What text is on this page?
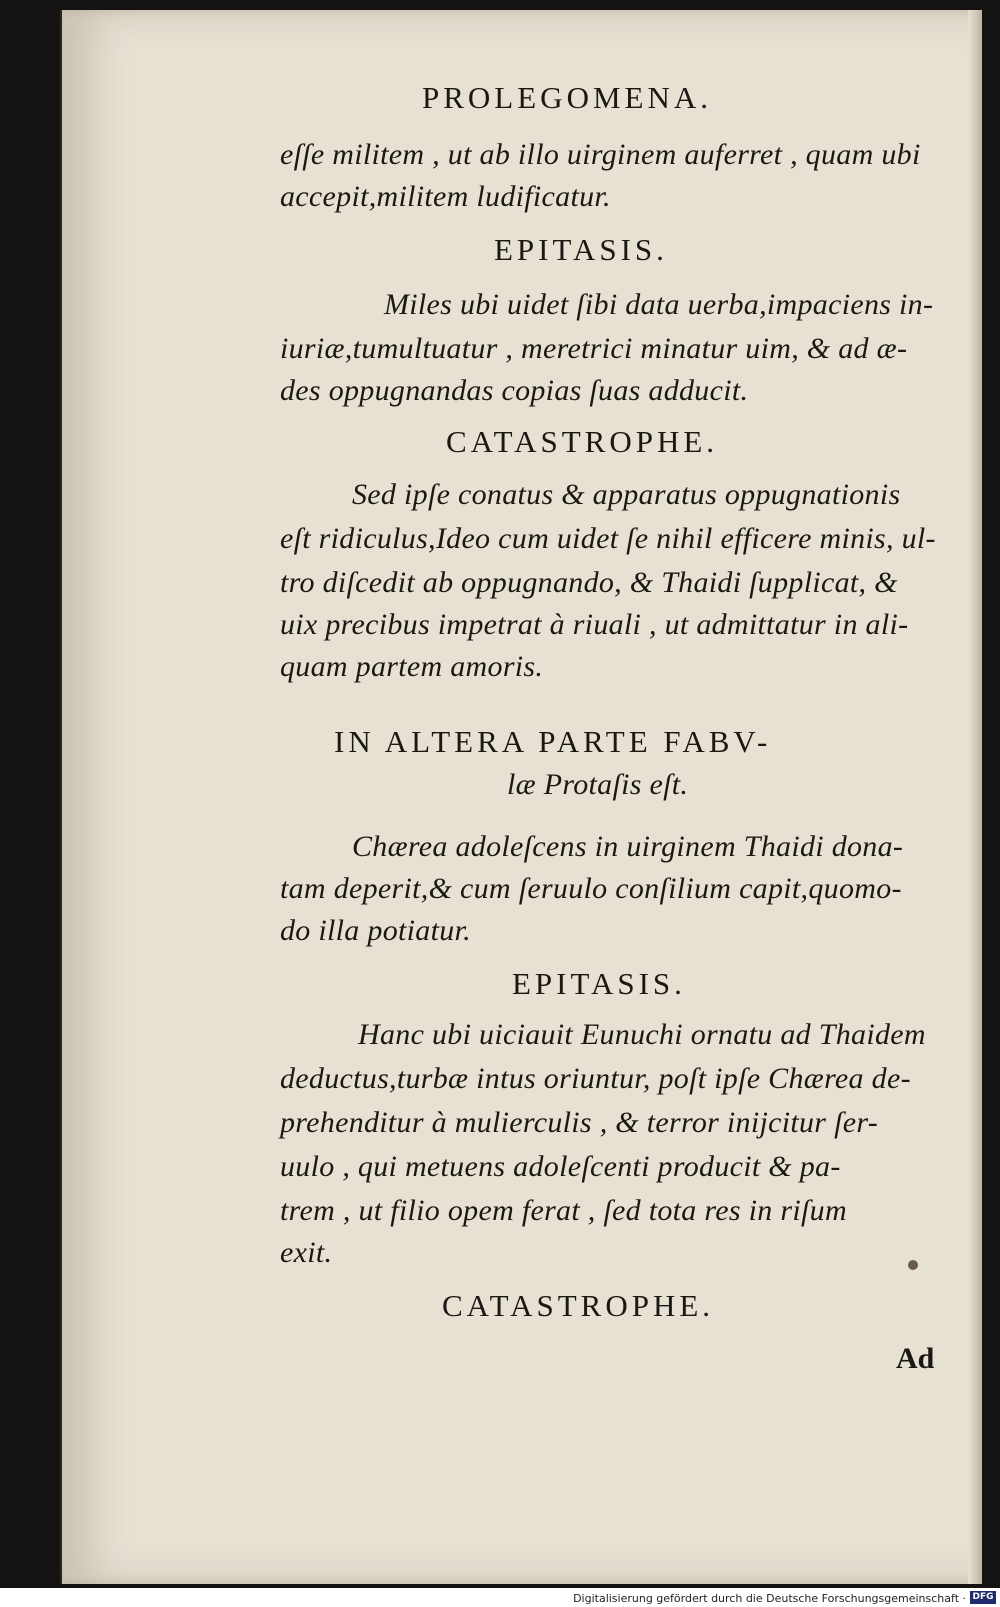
PROLEGOMENA.

eſſe militem , ut ab illo uirginem auferret , quam ubi

accepit,militem ludificatur.

EPITASIS.

Miles ubi uidet ſibi data uerba,impaciens in-

iuriæ,tumultuatur , meretrici minatur uim, & ad æ-

des oppugnandas copias ſuas adducit.

CATASTROPHE.

Sed ipſe conatus & apparatus oppugnationis

eſt ridiculus,Ideo cum uidet ſe nihil efficere minis, ul-

tro diſcedit ab oppugnando, & Thaidi ſupplicat, &

uix precibus impetrat à riuali , ut admittatur in ali-

quam partem amoris.

IN ALTERA PARTE FABV-

læ Protaſis eſt.

Chærea adoleſcens in uirginem Thaidi dona-

tam deperit,& cum ſeruulo conſilium capit,quomo-

do illa potiatur.

EPITASIS.

Hanc ubi uiciauit Eunuchi ornatu ad Thaidem

deductus,turbæ intus oriuntur, poſt ipſe Chærea de-

prehenditur à mulierculis , & terror inijcitur ſer-

uulo , qui metuens adoleſcenti producit & pa-

trem , ut filio opem ferat , ſed tota res in riſum

exit.

CATASTROPHE.

Ad

Digitalisierung gefördert durch die Deutsche Forschungsgemeinschaft · DFG
